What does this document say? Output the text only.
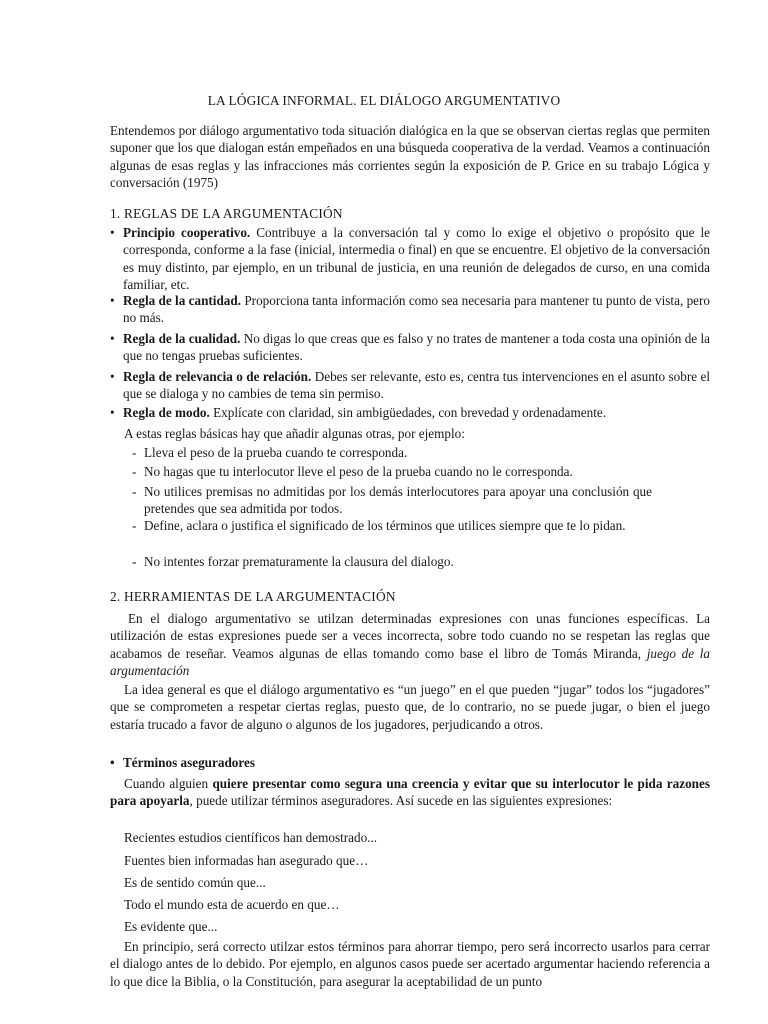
LA LÓGICA INFORMAL. EL DIÁLOGO ARGUMENTATIVO
Entendemos por diálogo argumentativo toda situación dialógica en la que se observan ciertas reglas que permiten suponer que los que dialogan están empeñados en una búsqueda cooperativa de la verdad. Veamos a continuación algunas de esas reglas y las infracciones más corrientes según la exposición de P. Grice en su trabajo Lógica y conversación (1975)
1. REGLAS DE LA ARGUMENTACIÓN
• Principio cooperativo. Contribuye a la conversación tal y como lo exige el objetivo o propósito que le corresponda, conforme a la fase (inicial, intermedia o final) en que se encuentre. El objetivo de la conversación es muy distinto, par ejemplo, en un tribunal de justicia, en una reunión de delegados de curso, en una comida familiar, etc.
• Regla de la cantidad. Proporciona tanta información como sea necesaria para mantener tu punto de vista, pero no más.
• Regla de la cualidad. No digas lo que creas que es falso y no trates de mantener a toda costa una opinión de la que no tengas pruebas suficientes.
• Regla de relevancia o de relación. Debes ser relevante, esto es, centra tus intervenciones en el asunto sobre el que se dialoga y no cambies de tema sin permiso.
• Regla de modo. Explícate con claridad, sin ambigüedades, con brevedad y ordenadamente.
A estas reglas básicas hay que añadir algunas otras, por ejemplo:
- Lleva el peso de la prueba cuando te corresponda.
- No hagas que tu interlocutor lleve el peso de la prueba cuando no le corresponda.
- No utilices premisas no admitidas por los demás interlocutores para apoyar una conclusión que pretendes que sea admitida por todos.
- Define, aclara o justifica el significado de los términos que utilices siempre que te lo pidan.
- No intentes forzar prematuramente la clausura del dialogo.
2. HERRAMIENTAS DE LA ARGUMENTACIÓN
En el dialogo argumentativo se utilzan determinadas expresiones con unas funciones específicas. La utilización de estas expresiones puede ser a veces incorrecta, sobre todo cuando no se respetan las reglas que acabamos de reseñar. Veamos algunas de ellas tomando como base el libro de Tomás Miranda, juego de la argumentación
La idea general es que el diálogo argumentativo es “un juego” en el que pueden “jugar” todos los “jugadores” que se comprometen a respetar ciertas reglas, puesto que, de lo contrario, no se puede jugar, o bien el juego estaría trucado a favor de alguno o algunos de los jugadores, perjudicando a otros.
• Términos aseguradores
Cuando alguien quiere presentar como segura una creencia y evitar que su interlocutor le pida razones para apoyarla, puede utilizar términos aseguradores. Así sucede en las siguientes expresiones:
Recientes estudios científicos han demostrado...
Fuentes bien informadas han asegurado que…
Es de sentido común que...
Todo el mundo esta de acuerdo en que…
Es evidente que...
En principio, será correcto utilzar estos términos para ahorrar tiempo, pero será incorrecto usarlos para cerrar el dialogo antes de lo debido. Por ejemplo, en algunos casos puede ser acertado argumentar haciendo referencia a lo que dice la Biblia, o la Constitución, para asegurar la aceptabilidad de un punto
